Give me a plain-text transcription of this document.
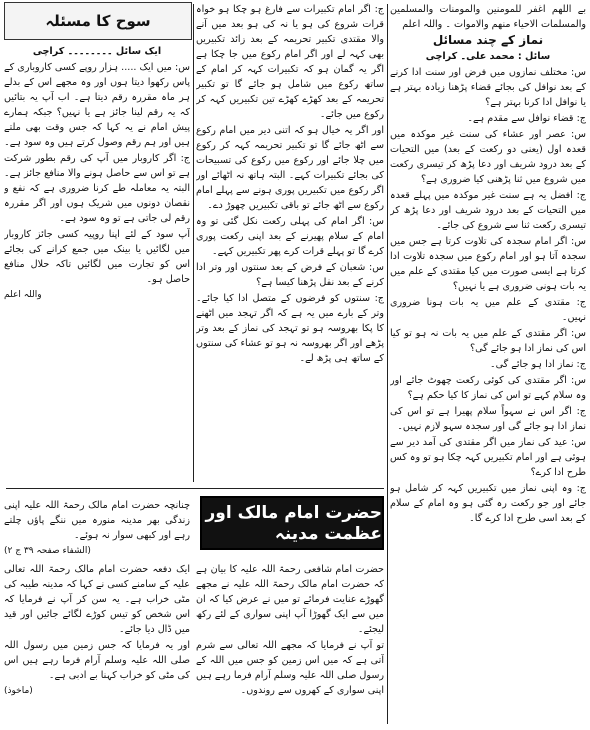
بے اللھم اغفر للمومنین والمومنات والمسلمین والمسلمات الاحیاء منھم والاموات ۔ واللہ اعلم

نماز کے چند مسائل

سائل : محمد علی۔ کراچی

س: مختلف نمازوں میں فرض اور سنت ادا کرنے کے بعد نوافل کی بجائے قضاء پڑھنا زیادہ بہتر ہے یا نوافل ادا کرنا بہتر ہے؟

ج: قضاء نوافل سے مقدم ہے۔

س: عصر اور عشاء کی سنت غیر موکدہ میں قعدہ اول (یعنی دو رکعت کے بعد) میں التحیات کے بعد درود شریف اور دعا پڑھ کر تیسری رکعت میں شروع میں ثنا پڑھنی کیا ضروری ہے؟

ج: افضل یہ ہے سنت غیر موکدہ میں پہلے قعدہ میں التحیات کے بعد درود شریف اور دعا پڑھ کر تیسری رکعت ثنا سے شروع کی جائے۔

س: اگر امام سجدہ کی تلاوت کرتا ہے جس میں سجدہ آتا ہو اور امام رکوع میں سجدہ تلاوت ادا کرتا ہے ایسی صورت میں کیا مقتدی کے علم میں یہ بات ہونی ضروری ہے یا نہیں؟

ج: مقتدی کے علم میں یہ بات ہونا ضروری نہیں۔

س: اگر مقتدی کے علم میں یہ بات نہ ہو تو کیا اس کی نماز ادا ہو جائے گی؟

ج: نماز ادا ہو جائے گی۔

س: اگر مقتدی کی کوئی رکعت چھوٹ جائے اور وہ سلام کہے تو اس کی نماز کا کیا حکم ہے؟

ج: اگر اس نے سہواً سلام پھیرا ہے تو اس کی نماز ادا ہو جائے گی اور سجدہ سہو لازم نہیں۔

س: عید کی نماز میں اگر مقتدی کی آمد دیر سے ہوئی ہے اور امام تکبیریں کہہ چکا ہو تو وہ کس طرح ادا کرے؟

ج: وہ اپنی نماز میں تکبیریں کہہ کر شامل ہو جائے اور جو رکعت رہ گئی ہو وہ امام کے سلام کے بعد اسی طرح ادا کرے گا۔

ج: اگر امام تکبیرات سے فارغ ہو چکا ہو خواہ قرات شروع کی ہو یا نہ کی ہو بعد میں آنے والا مقتدی تکبیر تحریمہ کے بعد زائد تکبیریں بھی کہہ لے اور اگر امام رکوع میں جا چکا ہے اگر یہ گمان ہو کہ تکبیرات کہہ کر امام کے ساتھ رکوع میں شامل ہو جائے گا تو تکبیر تحریمہ کے بعد کھڑے کھڑے تین تکبیریں کہہ کر رکوع میں جائے۔

اور اگر یہ خیال ہو کہ اتنی دیر میں امام رکوع سے اٹھ جائے گا تو تکبیر تحریمہ کہہ کر رکوع میں چلا جائے اور رکوع میں رکوع کی تسبیحات کی بجائے تکبیرات کہے۔ البتہ ہاتھ نہ اٹھائے اور اگر رکوع میں تکبیریں پوری ہونے سے پہلے امام رکوع سے اٹھ جائے تو باقی تکبیریں چھوڑ دے۔

س: اگر امام کی پہلی رکعت نکل گئی تو وہ امام کے سلام پھیرنے کے بعد اپنی رکعت پوری کرے گا تو پہلے قرات کرے پھر تکبیریں کہے۔

س: شعبان کے فرض کے بعد سنتوں اور وتر ادا کرنے کے بعد نفل پڑھنا کیسا ہے؟

ج: سنتوں کو فرضوں کے متصل ادا کیا جائے۔ وتر کے بارے میں یہ ہے کہ اگر تہجد میں اٹھنے کا پکا بھروسہ ہو تو تہجد کی نماز کے بعد وتر پڑھے اور اگر بھروسہ نہ ہو تو عشاء کی سنتوں کے ساتھ ہی پڑھ لے۔

سوح کا مسئلہ

ایک سائل ۔۔۔۔۔۔۔۔ کراچی

س: میں ایک ..... ہزار روپے کسی کاروباری کے پاس رکھوا دیتا ہوں اور وہ مجھے اس کے بدلے ہر ماہ مقررہ رقم دیتا ہے۔ اب آپ یہ بتائیں کہ یہ رقم لینا جائز ہے یا نہیں؟ جبکہ ہمارے پیش امام نے یہ کہا کہ جس وقت بھی ملتے ہیں اور ہم رقم وصول کرتے ہیں وہ سود ہے۔

ج: اگر کاروبار میں آپ کی رقم بطور شرکت ہے تو اس سے حاصل ہونے والا منافع جائز ہے۔ البتہ یہ معاملہ طے کرنا ضروری ہے کہ نفع و نقصان دونوں میں شریک ہوں اور اگر مقررہ رقم لی جاتی ہے تو وہ سود ہے۔

آپ سود کے لئے اپنا روپیہ کسی جائز کاروبار میں لگائیں یا بینک میں جمع کرانے کی بجائے اس کو تجارت میں لگائیں تاکہ حلال منافع حاصل ہو۔

واللہ اعلم

حضرت امام مالک اور عظمت مدینہ

چنانچہ حضرت امام مالک رحمۃ اللہ علیہ اپنی زندگی بھر مدینہ منورہ میں ننگے پاؤں چلتے رہے اور کبھی سوار نہ ہوئے۔

(الشفاء صفحہ ۳۹ ج ۲)

ایک دفعہ حضرت امام مالک رحمۃ اللہ تعالی علیہ کے سامنے کسی نے کہا کہ مدینہ طیبہ کی مٹی خراب ہے۔ یہ سن کر آپ نے فرمایا کہ اس شخص کو تیس کوڑے لگائے جائیں اور قید میں ڈال دیا جائے۔

اور یہ فرمایا کہ جس زمین میں رسول اللہ صلی اللہ علیہ وسلم آرام فرما رہے ہیں اس کی مٹی کو خراب کہنا بے ادبی ہے۔

(ماخوذ)

حضرت امام شافعی رحمۃ اللہ علیہ کا بیان ہے کہ حضرت امام مالک رحمۃ اللہ علیہ نے مجھے گھوڑے عنایت فرمائے تو میں نے عرض کیا کہ ان میں سے ایک گھوڑا آپ اپنی سواری کے لئے رکھ لیجئے۔

تو آپ نے فرمایا کہ مجھے اللہ تعالی سے شرم آتی ہے کہ میں اس زمین کو جس میں اللہ کے رسول صلی اللہ علیہ وسلم آرام فرما رہے ہیں اپنی سواری کے کھروں سے روندوں۔
